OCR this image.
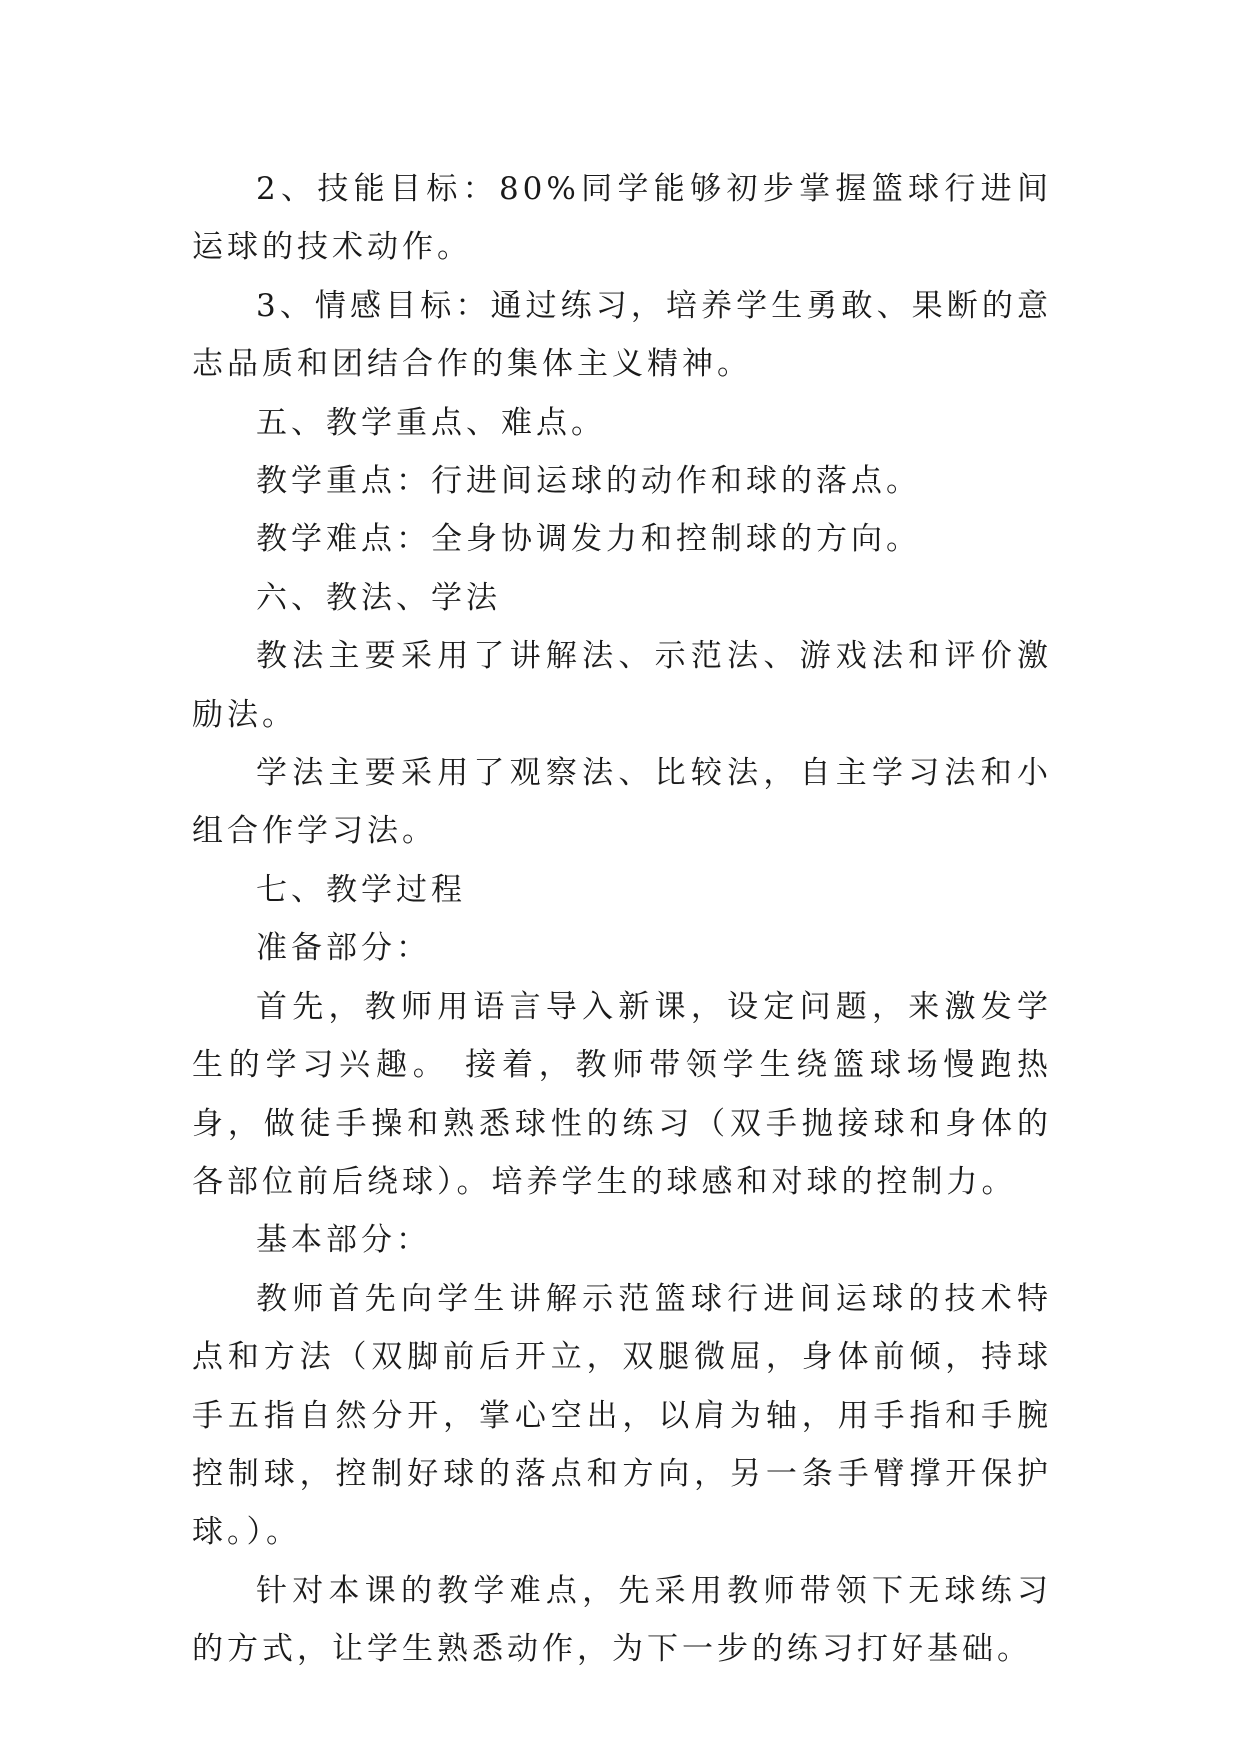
2、技能目标：80%同学能够初步掌握篮球行进间运球的技术动作。

3、情感目标：通过练习，培养学生勇敢、果断的意志品质和团结合作的集体主义精神。

五、教学重点、难点。

教学重点：行进间运球的动作和球的落点。

教学难点：全身协调发力和控制球的方向。

六、教法、学法

教法主要采用了讲解法、示范法、游戏法和评价激励法。

学法主要采用了观察法、比较法，自主学习法和小组合作学习法。

七、教学过程

准备部分：

首先，教师用语言导入新课，设定问题，来激发学生的学习兴趣。 接着，教师带领学生绕篮球场慢跑热身，做徒手操和熟悉球性的练习（双手抛接球和身体的各部位前后绕球）。培养学生的球感和对球的控制力。

基本部分：

教师首先向学生讲解示范篮球行进间运球的技术特点和方法（双脚前后开立，双腿微屈，身体前倾，持球手五指自然分开，掌心空出，以肩为轴，用手指和手腕控制球，控制好球的落点和方向，另一条手臂撑开保护球。）。

针对本课的教学难点，先采用教师带领下无球练习的方式，让学生熟悉动作，为下一步的练习打好基础。
